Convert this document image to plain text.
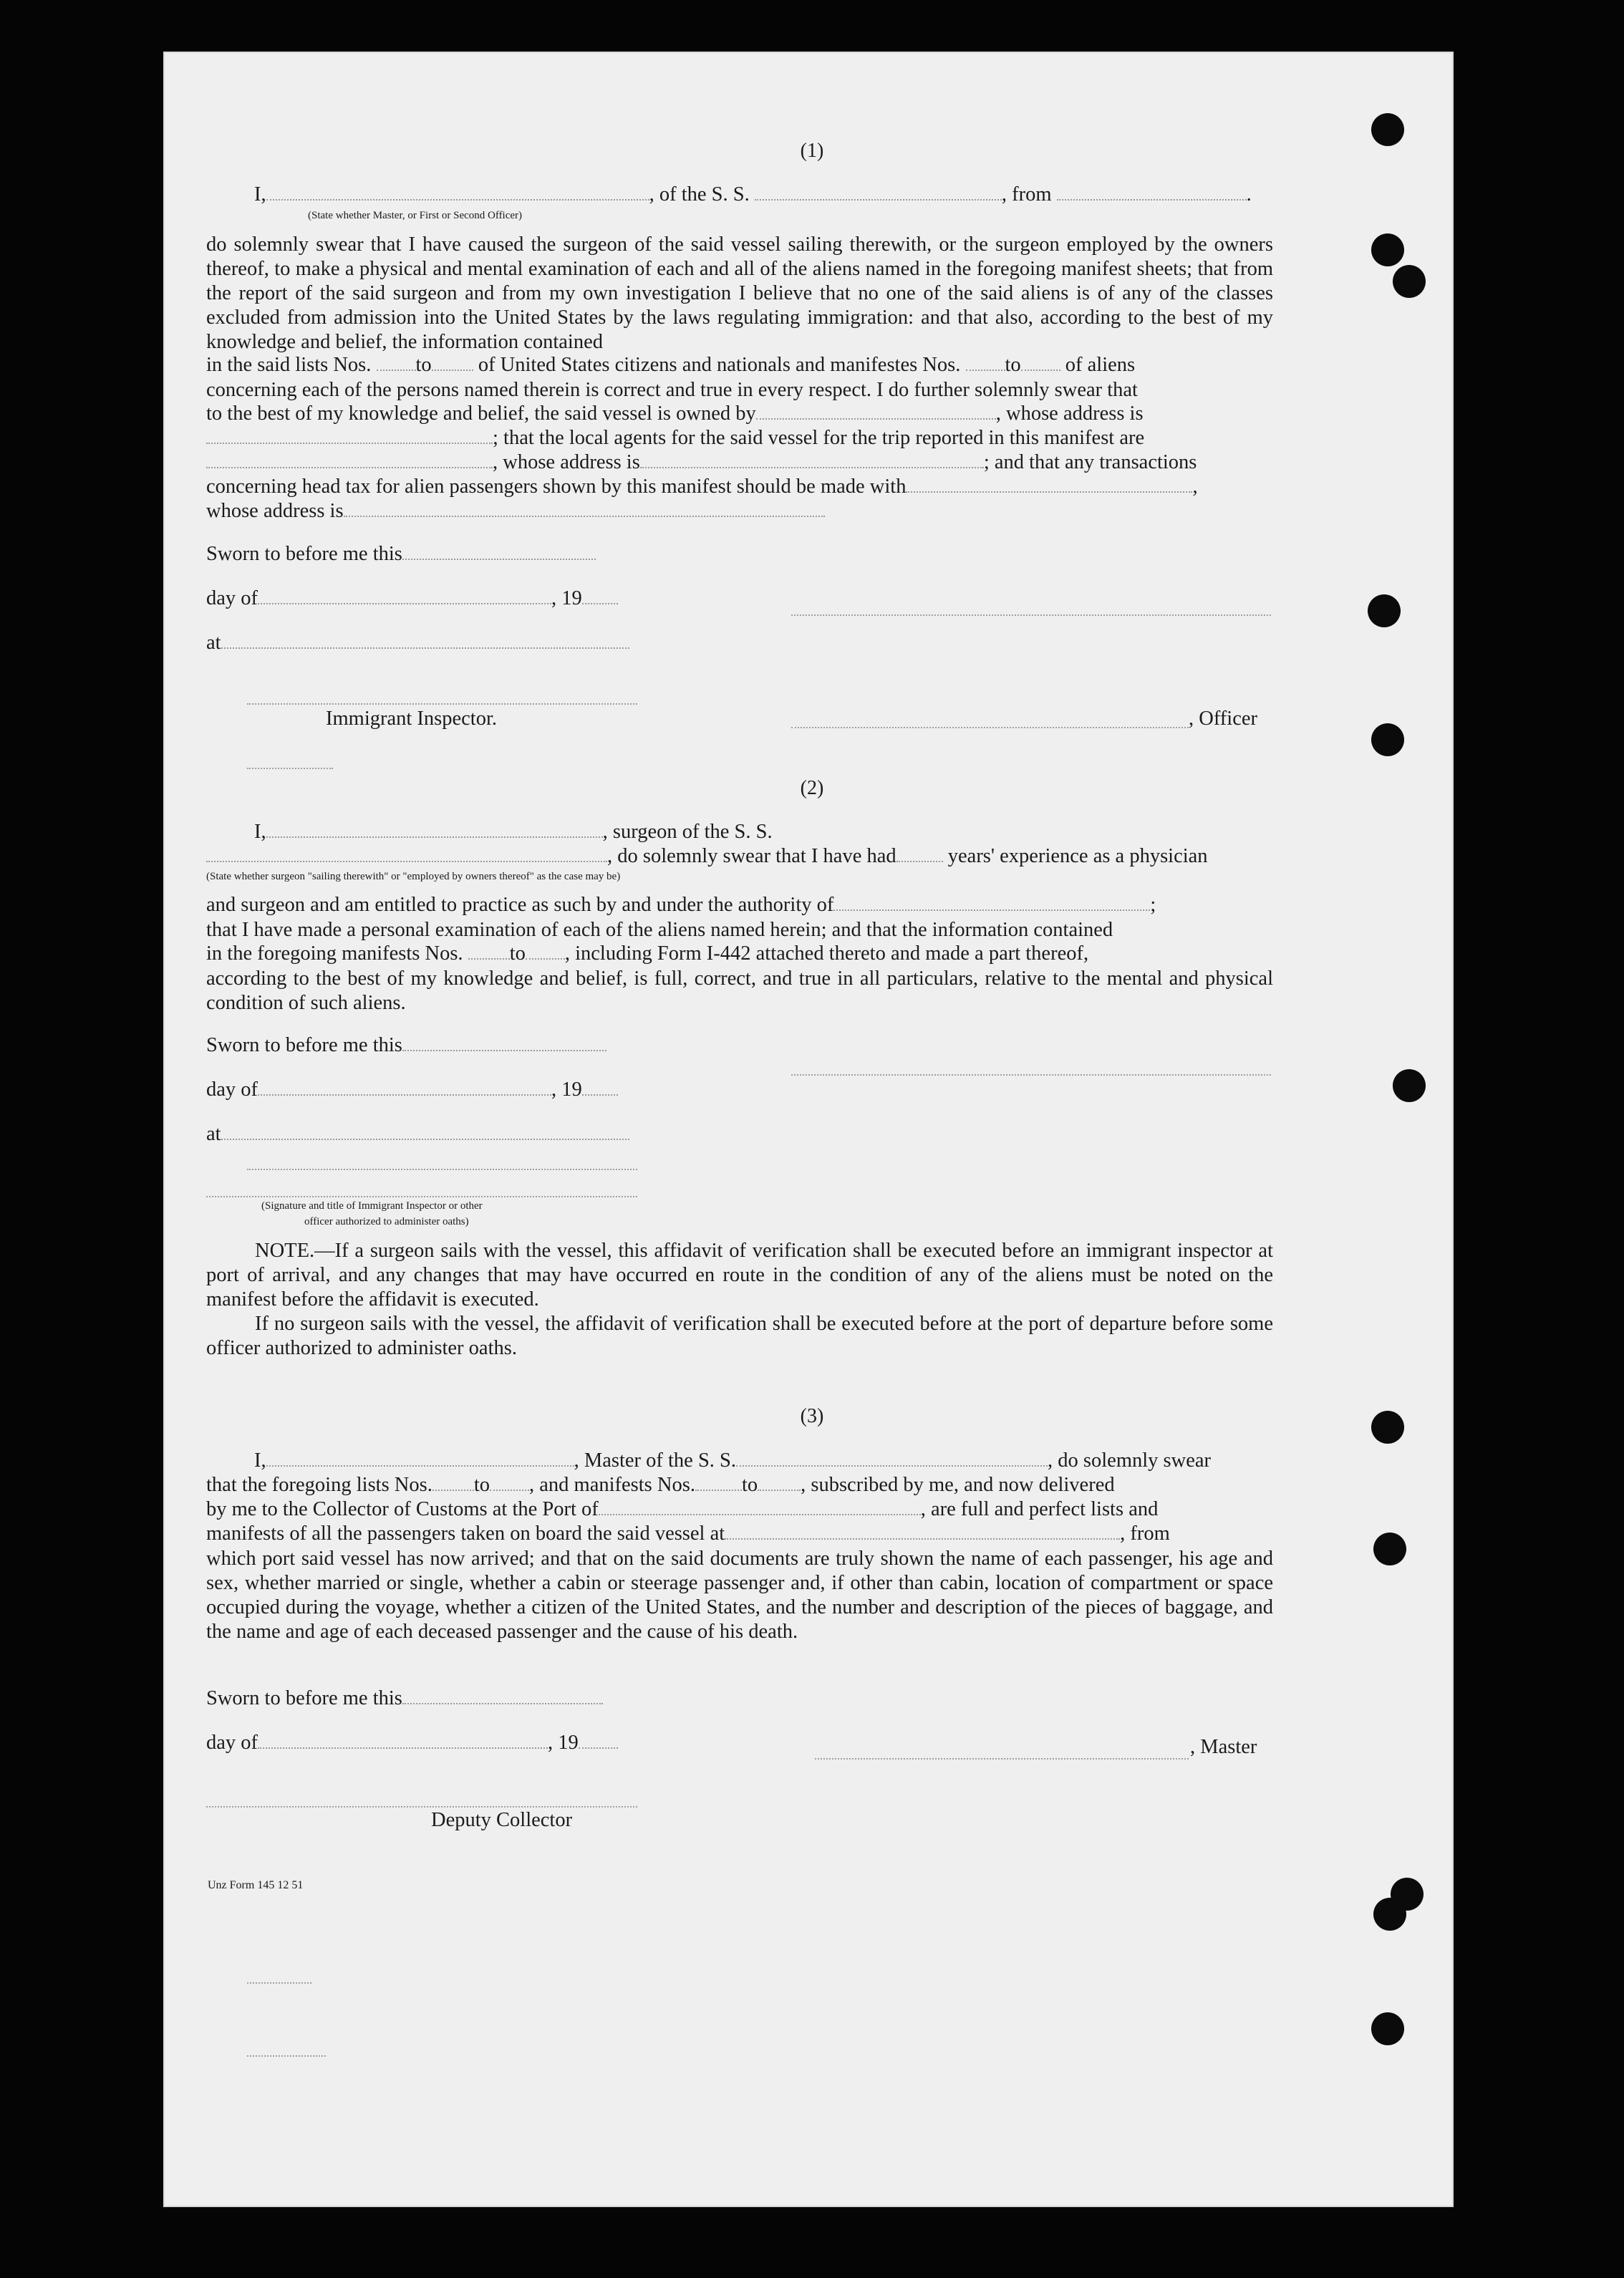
(1)
I,	, of the S. S.	, from	.
(State whether Master, or First or Second Officer)
do solemnly swear that I have caused the surgeon of the said vessel sailing therewith, or the surgeon employed by the owners thereof, to make a physical and mental examination of each and all of the aliens named in the foregoing manifest sheets; that from the report of the said surgeon and from my own investigation I believe that no one of the said aliens is of any of the classes excluded from admission into the United States by the laws regulating immigration: and that also, according to the best of my knowledge and belief, the information contained
in the said lists Nos. to of United States citizens and nationals and manifestes Nos. to of aliens
concerning each of the persons named therein is correct and true in every respect. I do further solemnly swear that
to the best of my knowledge and belief, the said vessel is owned by	, whose address is
; that the local agents for the said vessel for the trip reported in this manifest are
, whose address is	; and that any transactions
concerning head tax for alien passengers shown by this manifest should be made with	,
whose address is
Sworn to before me this
day of	, 19
at
Immigrant Inspector.	, Officer
(2)
I,	, surgeon of the S. S.
, do solemnly swear that I have had	years' experience as a physician
(State whether surgeon "sailing therewith" or "employed by owners thereof" as the case may be)
and surgeon and am entitled to practice as such by and under the authority of	;
that I have made a personal examination of each of the aliens named herein; and that the information contained
in the foregoing manifests Nos. to , including Form I-442 attached thereto and made a part thereof,
according to the best of my knowledge and belief, is full, correct, and true in all particulars, relative to the mental and physical condition of such aliens.
Sworn to before me this
day of	, 19
at
(Signature and title of Immigrant Inspector or other
officer authorized to administer oaths)
NOTE.—If a surgeon sails with the vessel, this affidavit of verification shall be executed before an immigrant inspector at port of arrival, and any changes that may have occurred en route in the condition of any of the aliens must be noted on the manifest before the affidavit is executed.
If no surgeon sails with the vessel, the affidavit of verification shall be executed before at the port of departure before some officer authorized to administer oaths.
(3)
I,	, Master of the S. S.	, do solemnly swear
that the foregoing lists Nos. to , and manifests Nos. to , subscribed by me, and now delivered
by me to the Collector of Customs at the Port of	, are full and perfect lists and
manifests of all the passengers taken on board the said vessel at	, from
which port said vessel has now arrived; and that on the said documents are truly shown the name of each passenger, his age and sex, whether married or single, whether a cabin or steerage passenger and, if other than cabin, location of compartment or space occupied during the voyage, whether a citizen of the United States, and the number and description of the pieces of baggage, and the name and age of each deceased passenger and the cause of his death.
Sworn to before me this
day of	, 19	, Master
Deputy Collector
Unz Form 145 12 51
